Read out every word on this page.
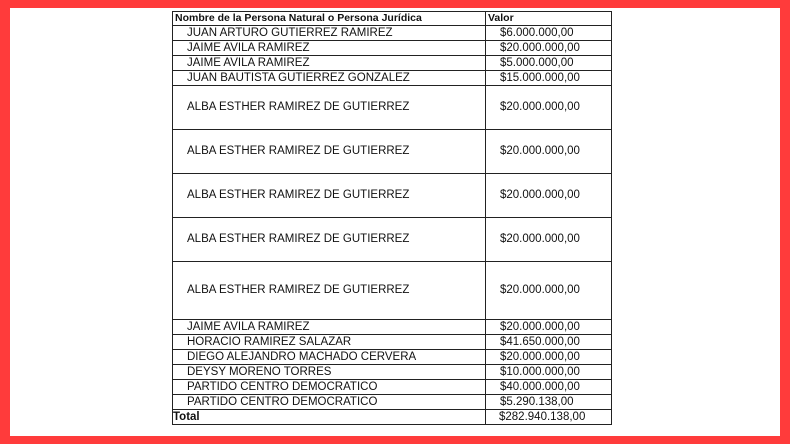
Nombre de la Persona Natural o Persona Jurídica	Valor
JUAN ARTURO GUTIERREZ RAMIREZ	$6.000.000,00
JAIME AVILA RAMIREZ	$20.000.000,00
JAIME AVILA RAMIREZ	$5.000.000,00
JUAN BAUTISTA GUTIERREZ GONZALEZ	$15.000.000,00
ALBA ESTHER RAMIREZ DE GUTIERREZ	$20.000.000,00
ALBA ESTHER RAMIREZ DE GUTIERREZ	$20.000.000,00
ALBA ESTHER RAMIREZ DE GUTIERREZ	$20.000.000,00
ALBA ESTHER RAMIREZ DE GUTIERREZ	$20.000.000,00
ALBA ESTHER RAMIREZ DE GUTIERREZ	$20.000.000,00
JAIME AVILA RAMIREZ	$20.000.000,00
HORACIO RAMIREZ SALAZAR	$41.650.000,00
DIEGO ALEJANDRO MACHADO CERVERA	$20.000.000,00
DEYSY MORENO TORRES	$10.000.000,00
PARTIDO CENTRO DEMOCRATICO	$40.000.000,00
PARTIDO CENTRO DEMOCRATICO	$5.290.138,00
Total	$282.940.138,00
